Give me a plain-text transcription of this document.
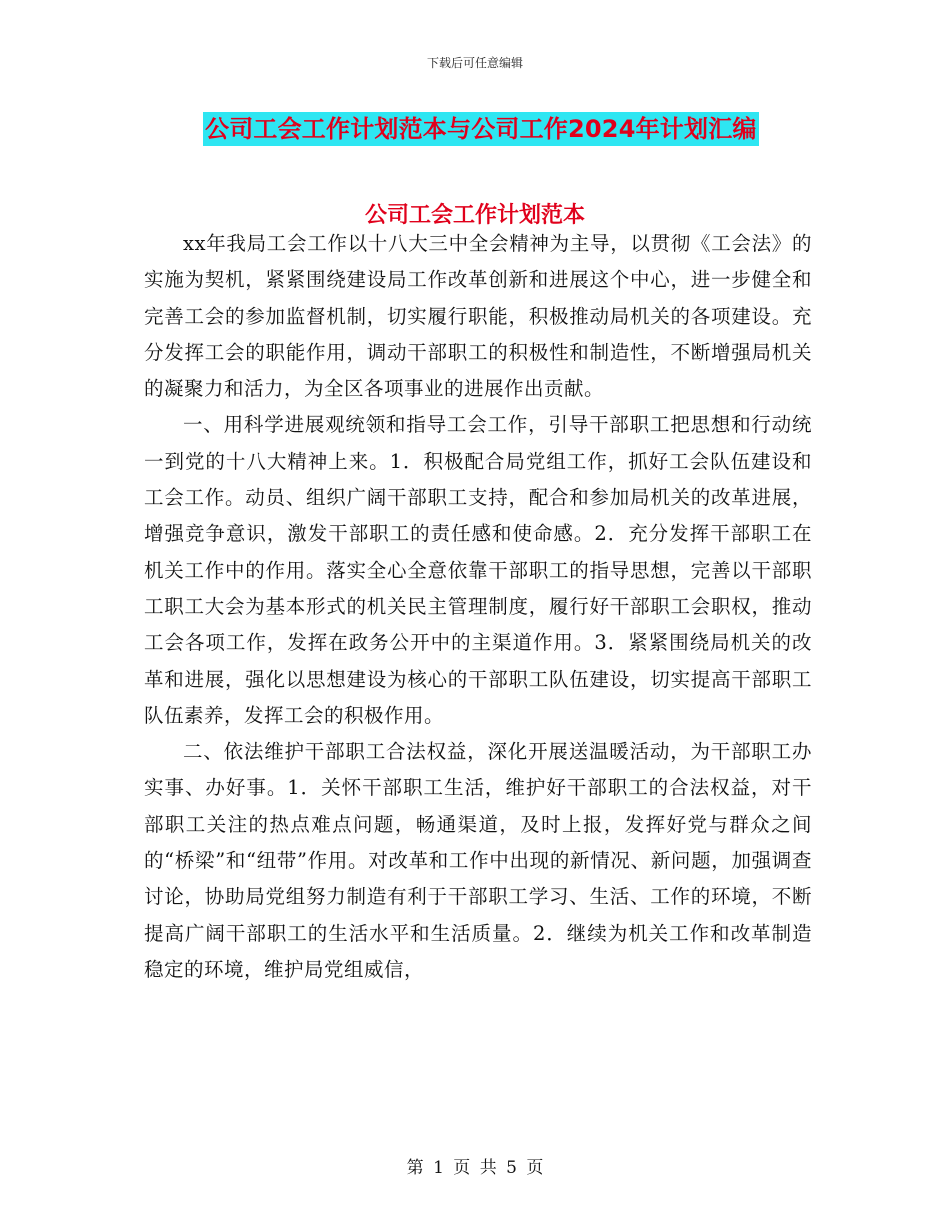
下载后可任意编辑
公司工会工作计划范本与公司工作2024年计划汇编
公司工会工作计划范本

xx年我局工会工作以十八大三中全会精神为主导，以贯彻《工会法》的实施为契机，紧紧围绕建设局工作改革创新和进展这个中心，进一步健全和完善工会的参加监督机制，切实履行职能，积极推动局机关的各项建设。充分发挥工会的职能作用，调动干部职工的积极性和制造性，不断增强局机关的凝聚力和活力，为全区各项事业的进展作出贡献。

一、用科学进展观统领和指导工会工作，引导干部职工把思想和行动统一到党的十八大精神上来。1．积极配合局党组工作，抓好工会队伍建设和工会工作。动员、组织广阔干部职工支持，配合和参加局机关的改革进展，增强竞争意识，激发干部职工的责任感和使命感。2．充分发挥干部职工在机关工作中的作用。落实全心全意依靠干部职工的指导思想，完善以干部职工职工大会为基本形式的机关民主管理制度，履行好干部职工会职权，推动工会各项工作，发挥在政务公开中的主渠道作用。3．紧紧围绕局机关的改革和进展，强化以思想建设为核心的干部职工队伍建设，切实提高干部职工队伍素养，发挥工会的积极作用。

二、依法维护干部职工合法权益，深化开展送温暖活动，为干部职工办实事、办好事。1．关怀干部职工生活，维护好干部职工的合法权益，对干部职工关注的热点难点问题，畅通渠道，及时上报，发挥好党与群众之间的“桥梁”和“纽带”作用。对改革和工作中出现的新情况、新问题，加强调查讨论，协助局党组努力制造有利于干部职工学习、生活、工作的环境，不断提高广阔干部职工的生活水平和生活质量。2．继续为机关工作和改革制造稳定的环境，维护局党组威信，

第 1 页 共 5 页
